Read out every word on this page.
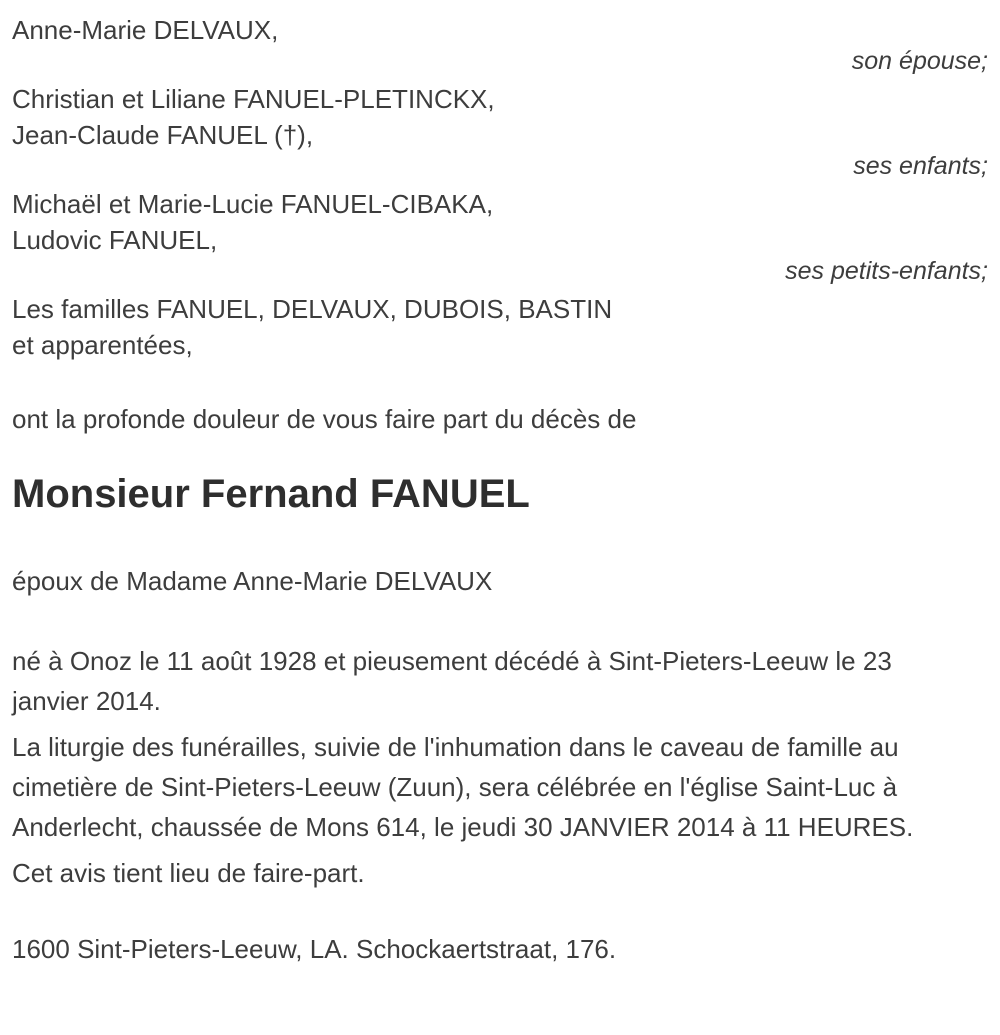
Anne-Marie DELVAUX,

son épouse;

Christian et Liliane FANUEL-PLETINCKX,

Jean-Claude FANUEL (†),

ses enfants;

Michaël et Marie-Lucie FANUEL-CIBAKA,

Ludovic FANUEL,

ses petits-enfants;

Les familles FANUEL, DELVAUX, DUBOIS, BASTIN

et apparentées,

ont la profonde douleur de vous faire part du décès de

Monsieur Fernand FANUEL

époux de Madame Anne-Marie DELVAUX

né à Onoz le 11 août 1928 et pieusement décédé à Sint-Pieters-Leeuw le 23 janvier 2014.

La liturgie des funérailles, suivie de l'inhumation dans le caveau de famille au cimetière de Sint-Pieters-Leeuw (Zuun), sera célébrée en l'église Saint-Luc à Anderlecht, chaussée de Mons 614, le jeudi 30 JANVIER 2014 à 11 HEURES.

Cet avis tient lieu de faire-part.

1600 Sint-Pieters-Leeuw, LA. Schockaertstraat, 176.
